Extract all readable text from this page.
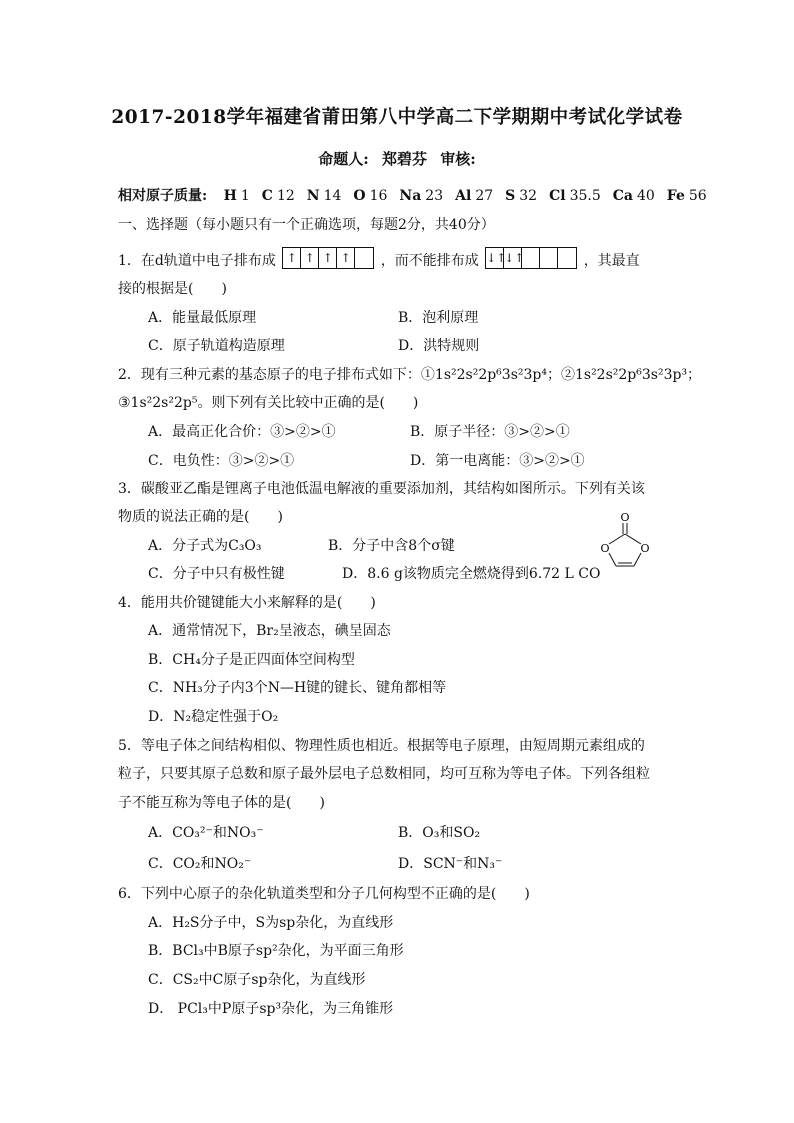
2017-2018学年福建省莆田第八中学高二下学期期中考试化学试卷
命题人: 郑碧芬 审核:
相对原子质量: H 1 C 12 N 14 O 16 Na 23 Al 27 S 32 Cl 35.5 Ca 40 Fe 56
一、选择题（每小题只有一个正确选项，每题2分，共40分）
1．在d轨道中电子排布成 ↑ ↑ ↑ ↑ ，而不能排布成 ↓↑↓↑	，其最直
接的根据是(　　)
A．能量最低原理	B．泡利原理
C．原子轨道构造原理	D．洪特规则
2．现有三种元素的基态原子的电子排布式如下：①1s²2s²2p⁶3s²3p⁴；②1s²2s²2p⁶3s²3p³；
③1s²2s²2p⁵。则下列有关比较中正确的是(　　)
A．最高正化合价：③>②>①	B．原子半径：③>②>①
C．电负性：③>②>①	D．第一电离能：③>②>①
3．碳酸亚乙酯是锂离子电池低温电解液的重要添加剂，其结构如图所示。下列有关该
物质的说法正确的是(　　)
A．分子式为C₃O₃	B．分子中含8个σ键
C．分子中只有极性键	D．8.6 g该物质完全燃烧得到6.72 L CO
O
O	O
4．能用共价键键能大小来解释的是(　　)
A．通常情况下，Br₂呈液态，碘呈固态
B．CH₄分子是正四面体空间构型
C．NH₃分子内3个N—H键的键长、键角都相等
D．N₂稳定性强于O₂
5．等电子体之间结构相似、物理性质也相近。根据等电子原理，由短周期元素组成的
粒子，只要其原子总数和原子最外层电子总数相同，均可互称为等电子体。下列各组粒
子不能互称为等电子体的是(　　)
A．CO₃²⁻和NO₃⁻	B．O₃和SO₂
C．CO₂和NO₂⁻	D．SCN⁻和N₃⁻
6．下列中心原子的杂化轨道类型和分子几何构型不正确的是(　　)
A．H₂S分子中，S为sp杂化，为直线形
B．BCl₃中B原子sp²杂化，为平面三角形
C．CS₂中C原子sp杂化，为直线形
D． PCl₃中P原子sp³杂化，为三角锥形
